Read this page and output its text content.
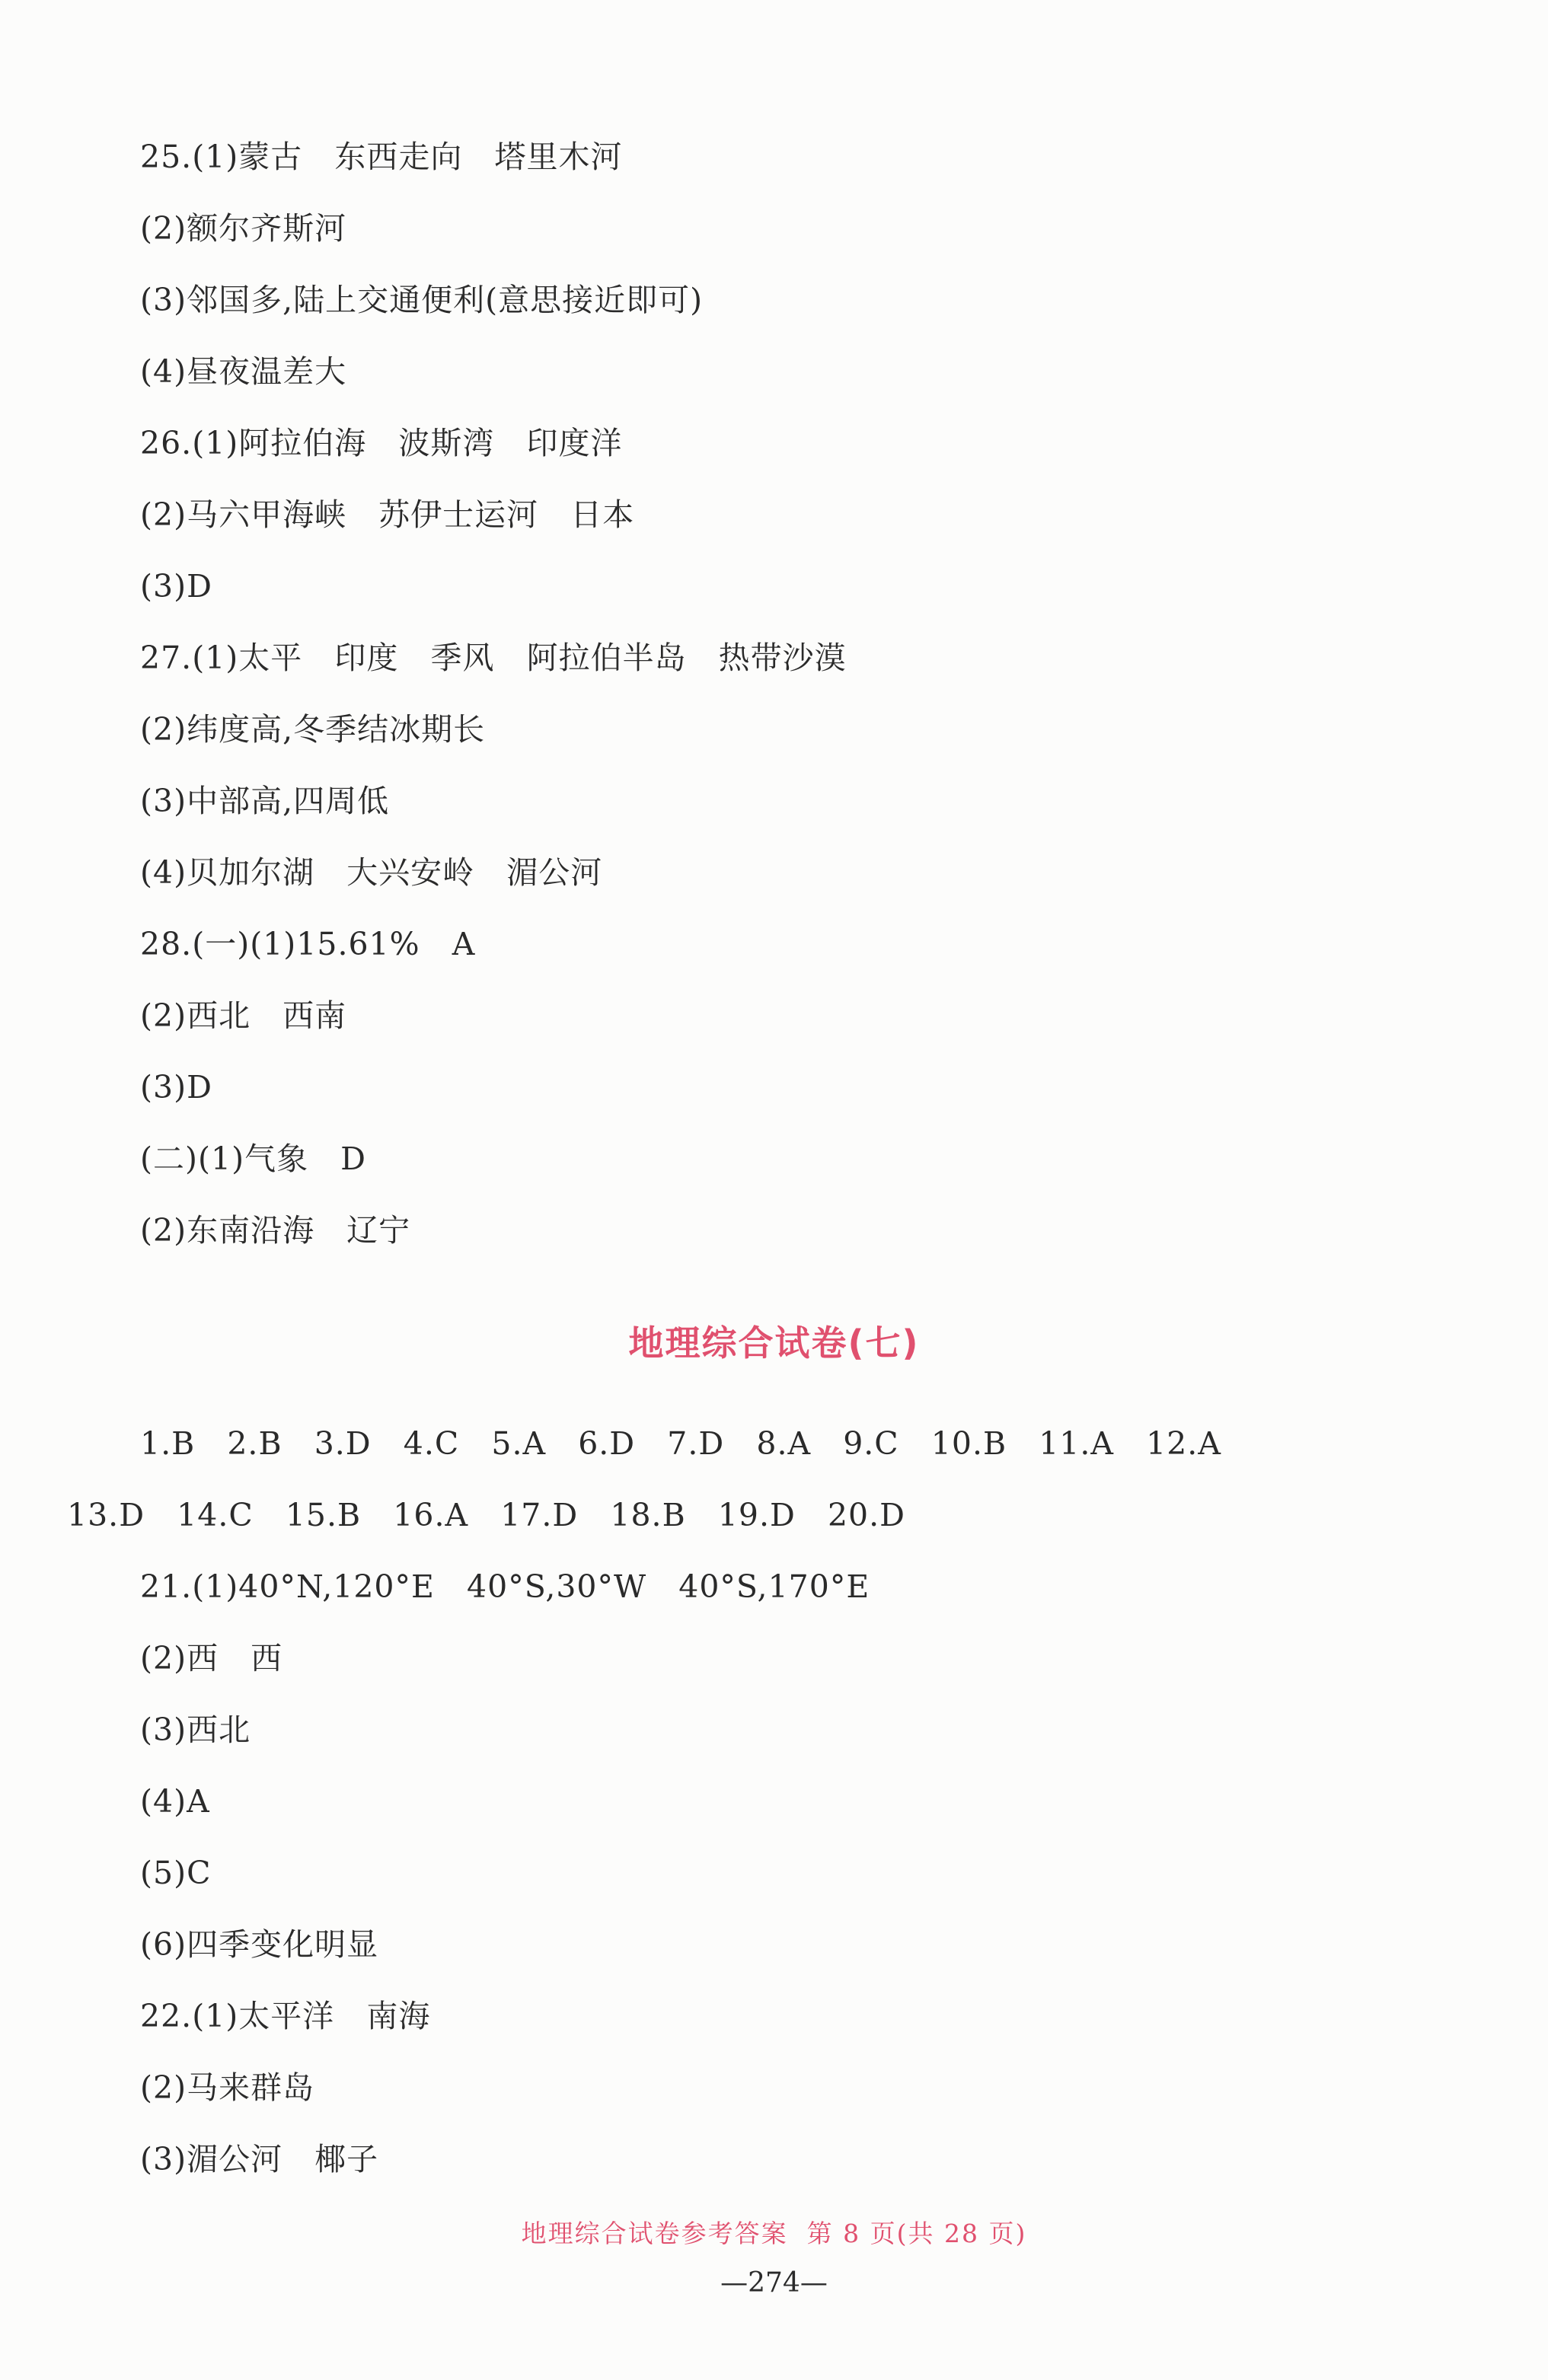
25.(1)蒙古   东西走向   塔里木河
(2)额尔齐斯河
(3)邻国多,陆上交通便利(意思接近即可)
(4)昼夜温差大
26.(1)阿拉伯海   波斯湾   印度洋
(2)马六甲海峡   苏伊士运河   日本
(3)D
27.(1)太平   印度   季风   阿拉伯半岛   热带沙漠
(2)纬度高,冬季结冰期长
(3)中部高,四周低
(4)贝加尔湖   大兴安岭   湄公河
28.(一)(1)15.61%   A
(2)西北   西南
(3)D
(二)(1)气象   D
(2)东南沿海   辽宁
地理综合试卷(七)
1.B   2.B   3.D   4.C   5.A   6.D   7.D   8.A   9.C   10.B   11.A   12.A
13.D   14.C   15.B   16.A   17.D   18.B   19.D   20.D
21.(1)40°N,120°E   40°S,30°W   40°S,170°E
(2)西   西
(3)西北
(4)A
(5)C
(6)四季变化明显
22.(1)太平洋   南海
(2)马来群岛
(3)湄公河   椰子
地理综合试卷参考答案  第 8 页(共 28 页)
—274—
